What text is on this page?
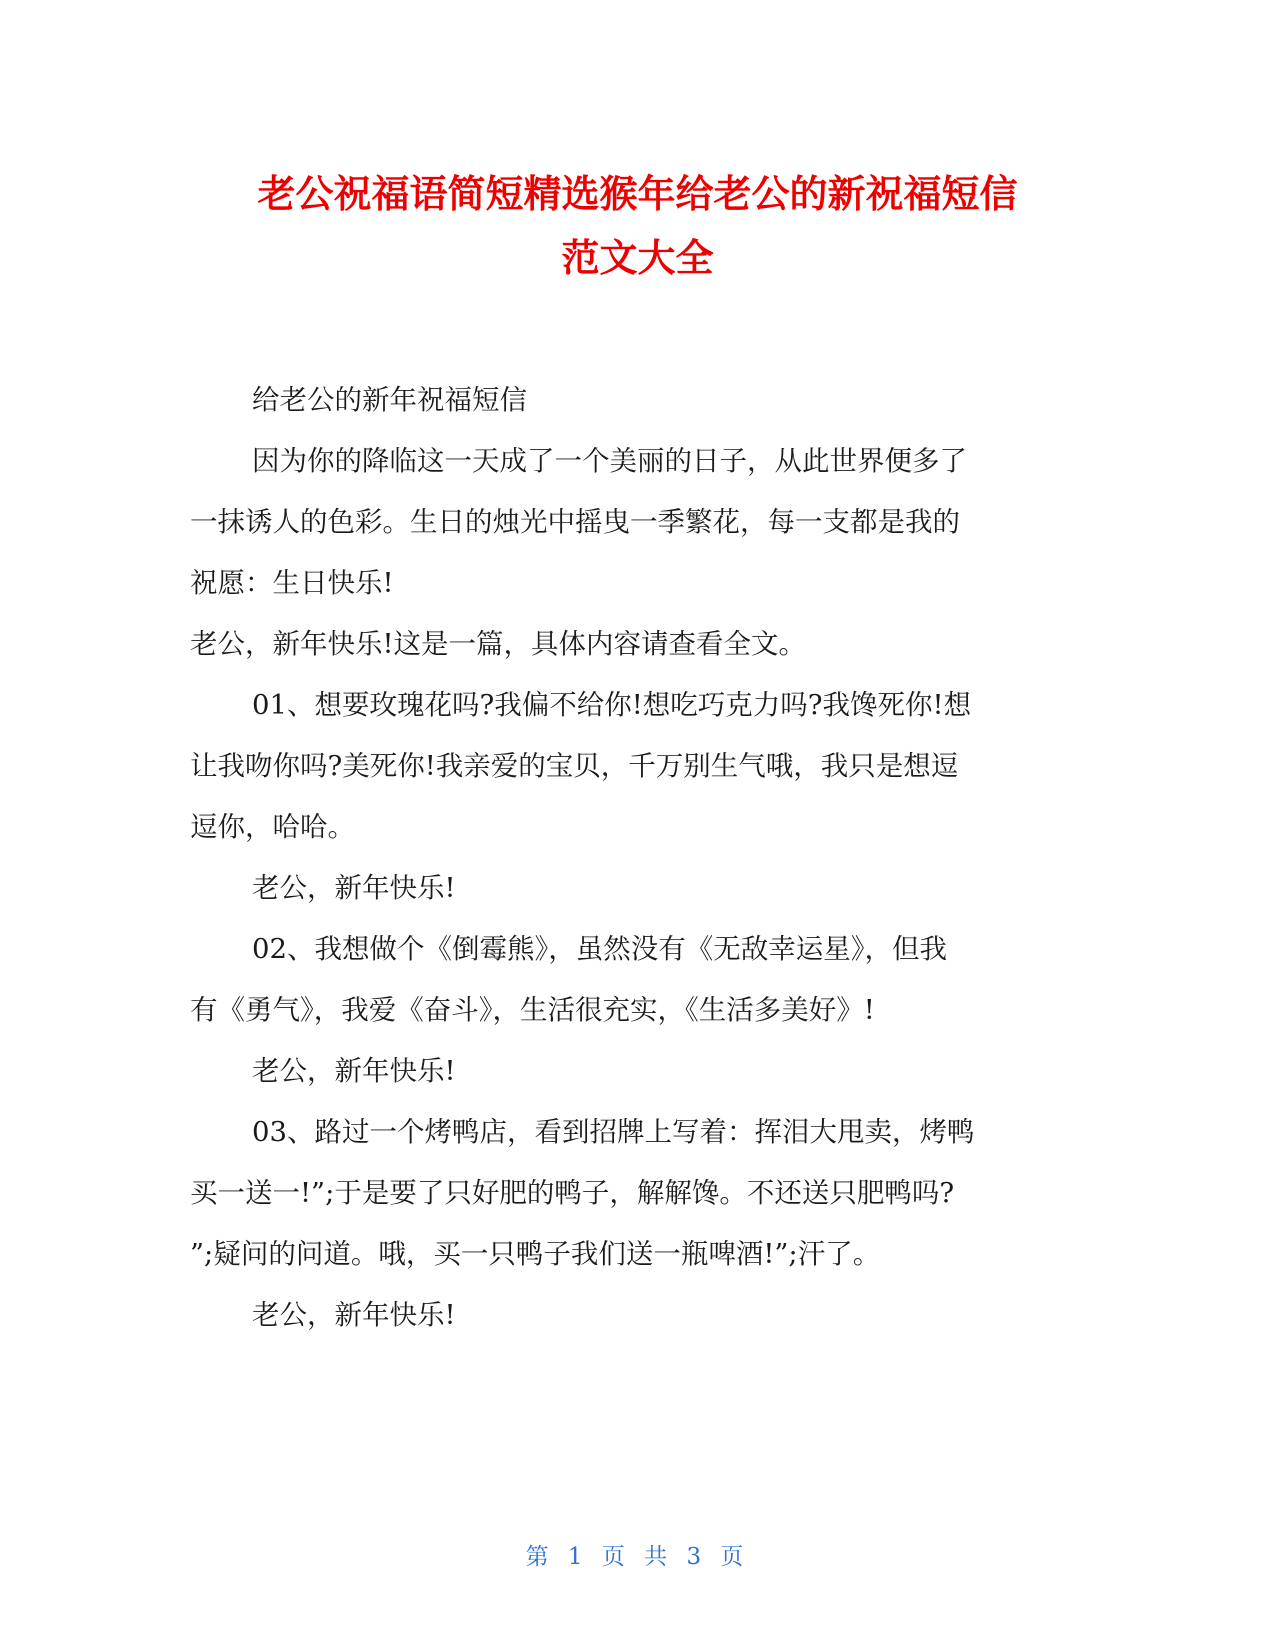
老公祝福语简短精选猴年给老公的新祝福短信
范文大全
给老公的新年祝福短信
因为你的降临这一天成了一个美丽的日子，从此世界便多了
一抹诱人的色彩。生日的烛光中摇曳一季繁花，每一支都是我的
祝愿：生日快乐!
老公，新年快乐!这是一篇，具体内容请查看全文。
01、想要玫瑰花吗?我偏不给你!想吃巧克力吗?我馋死你!想
让我吻你吗?美死你!我亲爱的宝贝，千万别生气哦，我只是想逗
逗你，哈哈。
老公，新年快乐!
02、我想做个《倒霉熊》，虽然没有《无敌幸运星》，但我
有《勇气》，我爱《奋斗》，生活很充实，《生活多美好》!
老公，新年快乐!
03、路过一个烤鸭店，看到招牌上写着：挥泪大甩卖，烤鸭
买一送一!”;于是要了只好肥的鸭子，解解馋。不还送只肥鸭吗?
”;疑问的问道。哦，买一只鸭子我们送一瓶啤酒!”;汗了。
老公，新年快乐!
第 1 页 共 3 页
